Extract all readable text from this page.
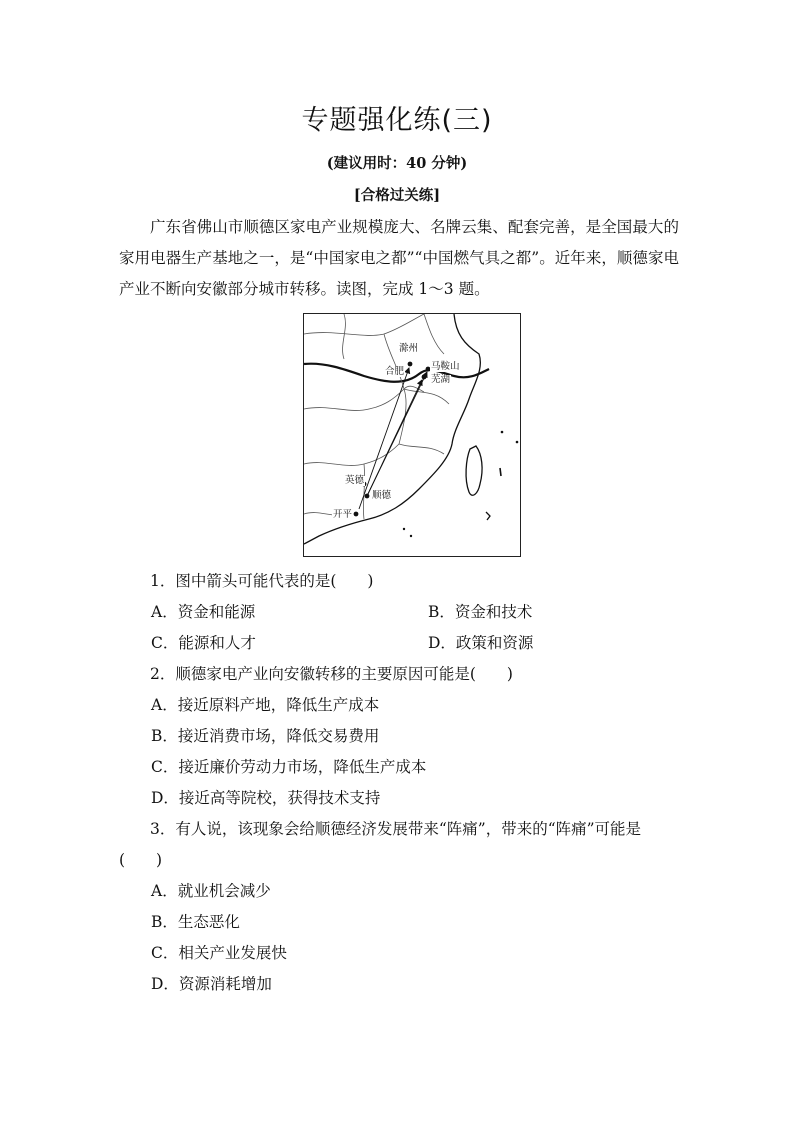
专题强化练(三)
(建议用时：40 分钟)
[合格过关练]

广东省佛山市顺德区家电产业规模庞大、名牌云集、配套完善，是全国最大的家用电器生产基地之一，是“中国家电之都”“中国燃气具之都”。近年来，顺德家电产业不断向安徽部分城市转移。读图，完成 1～3 题。

滁州
合肥	马鞍山
芜湖
英德
顺德
开平

1．图中箭头可能代表的是(　　)

A．资金和能源	B．资金和技术

C．能源和人才	D．政策和资源

2．顺德家电产业向安徽转移的主要原因可能是(　　)

A．接近原料产地，降低生产成本

B．接近消费市场，降低交易费用

C．接近廉价劳动力市场，降低生产成本

D．接近高等院校，获得技术支持

3．有人说，该现象会给顺德经济发展带来“阵痛”，带来的“阵痛”可能是(　　)

A．就业机会减少

B．生态恶化

C．相关产业发展快

D．资源消耗增加
